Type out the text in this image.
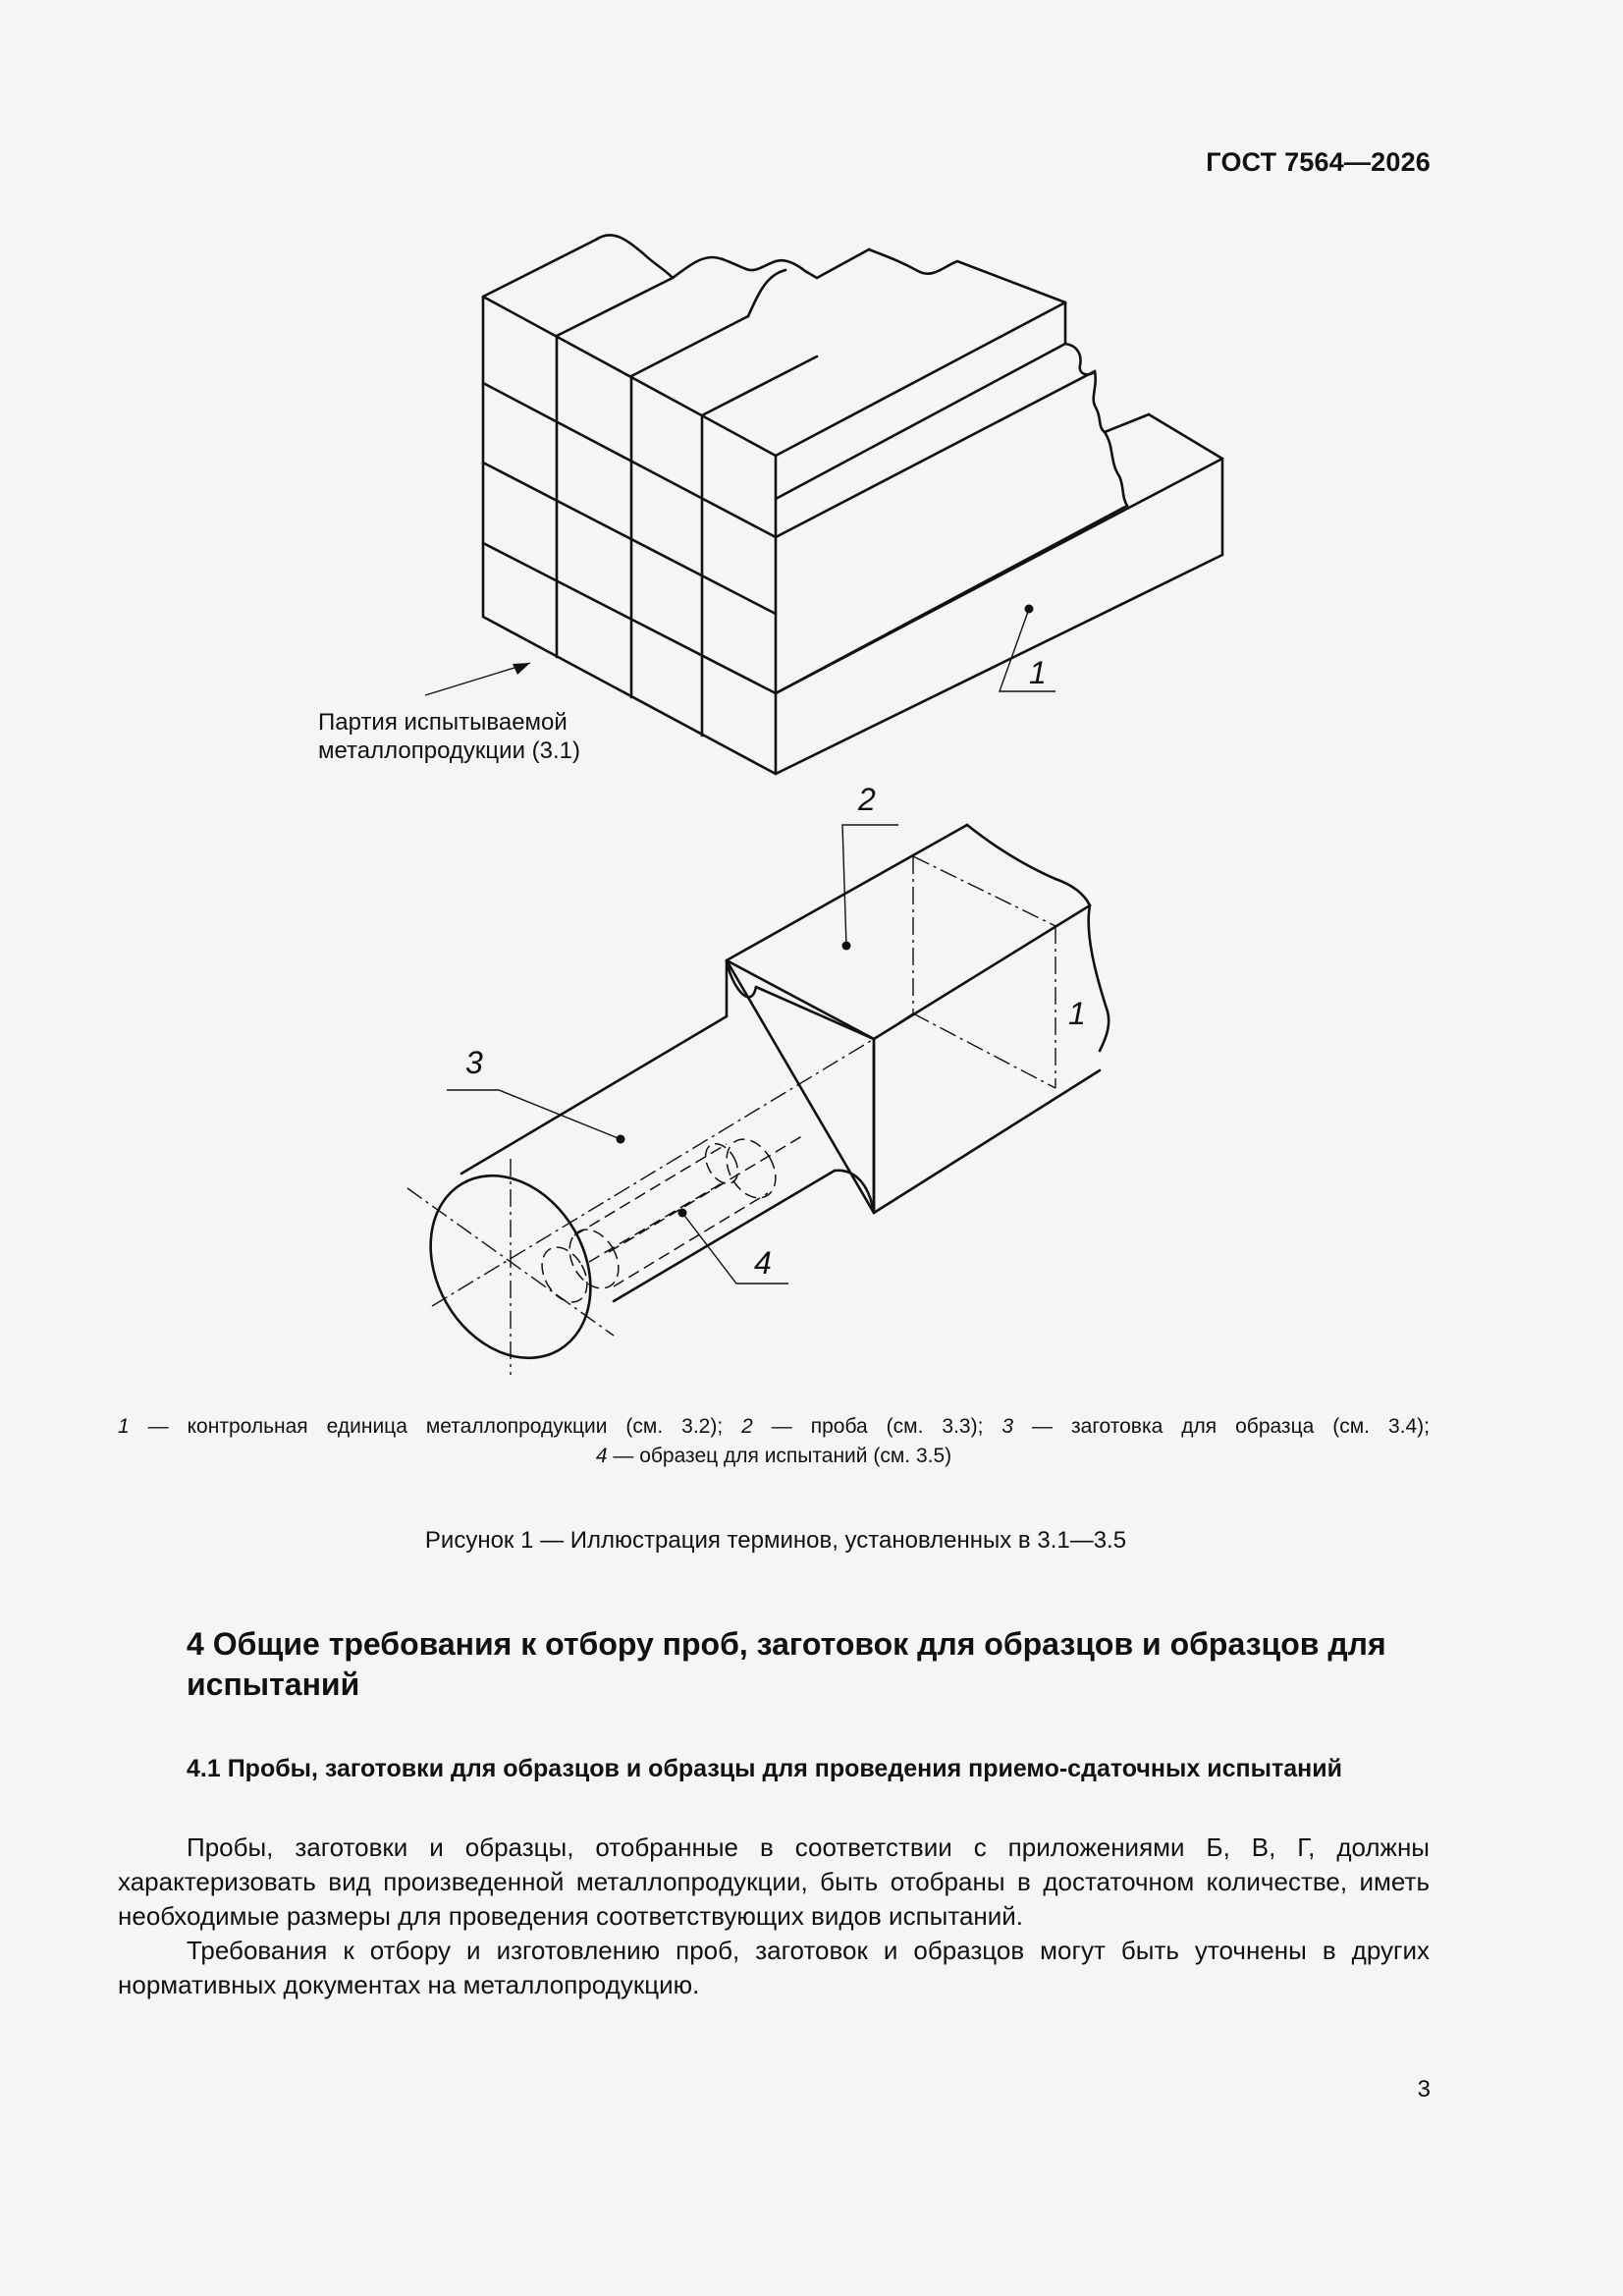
ГОСТ 7564—2026
1
Партия испытываемой
металлопродукции (3.1)
2
1
3
4
1 — контрольная единица металлопродукции (см. 3.2); 2 — проба (см. 3.3); 3 — заготовка для образца (см. 3.4);
4 — образец для испытаний (см. 3.5)
Рисунок 1 — Иллюстрация терминов, установленных в 3.1—3.5
4 Общие требования к отбору проб, заготовок для образцов и образцов для испытаний
4.1 Пробы, заготовки для образцов и образцы для проведения приемо-сдаточных испытаний

Пробы, заготовки и образцы, отобранные в соответствии с приложениями Б, В, Г, должны характеризовать вид произведенной металлопродукции, быть отобраны в достаточном количестве, иметь необходимые размеры для проведения соответствующих видов испытаний.

Требования к отбору и изготовлению проб, заготовок и образцов могут быть уточнены в других нормативных документах на металлопродукцию.

3
